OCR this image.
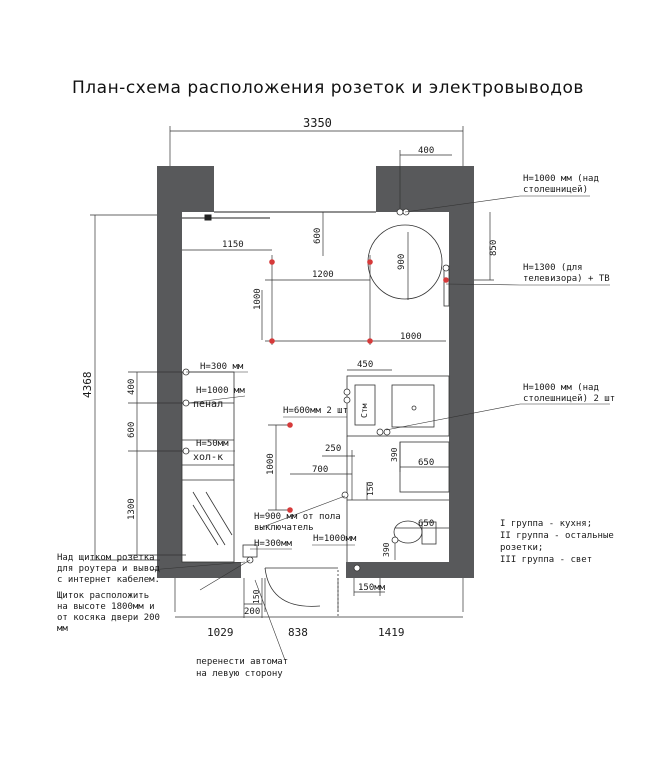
План-схема расположения розеток и электровыводов
3350
400
850
4368
600
1150
1200
900
1000
1000
450
400
600
1300
1000
250
700
390
650
150
650
390
150
200
150мм
1029	838	1419
Н=1000 мм (над
столешницей)
Н=1300 (для
телевизора) + ТВ
Н=1000 мм (над
столешницей) 2 шт
Н=300 мм
Н=1000 мм
пенал
Н=50мм
хол-к
Н=600мм 2 шт Стм
Н=900 мм от пола
выключатель
Н=300мм Н=1000мм
I группа - кухня;
II группа - остальные
розетки;
III группа - свет
Над щитком розетка
для роутера и вывод
с интернет кабелем.
Щиток расположить
на высоте 1800мм и
от косяка двери 200
мм
перенести автомат
на левую сторону
